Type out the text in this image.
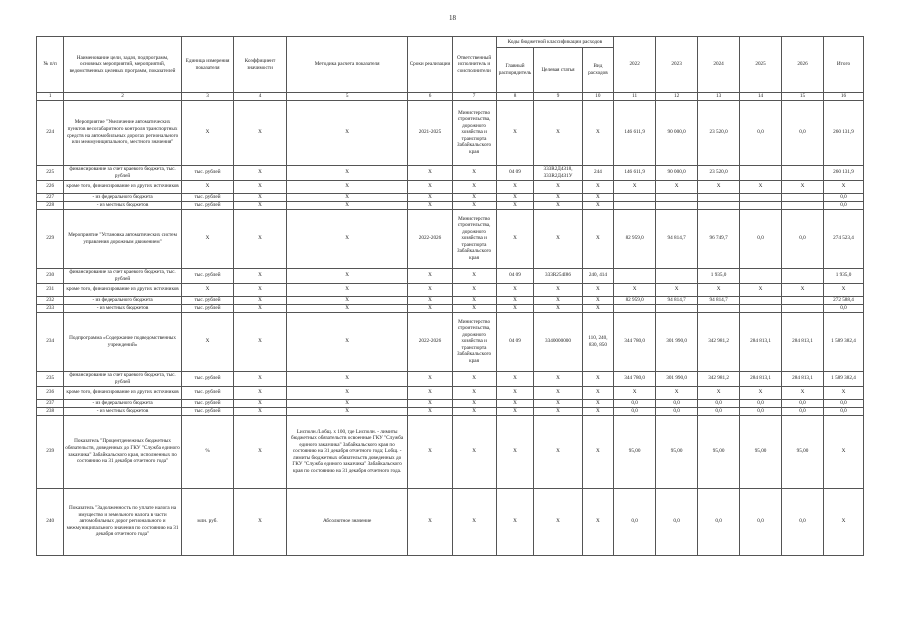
18
№ п/п	Наименование цели, задач, подпрограмм, основных мероприятий, мероприятий, ведомственных целевых программ, показателей	Единица измерения показателя	Коэффициент значимости	Методика расчета показателя	Сроки реализации	Ответственный исполнитель и соисполнители	Коды бюджетной классификации расходов			2022	2023	2024	2025	2026	Итого
							Главный распорядитель	Целевая статья	Вид расходов						
1	2	3	4	5	6	7	8	9	10	11	12	13	14	15	16
224	Мероприятие "Увеличение автоматических пунктов весогабаритного контроля транспортных средств на автомобильных дорогах регионального или межмуниципального, местного значения"	Х	Х	Х	2021-2025	Министерство строительства, дорожного хозяйства и транспорта Забайкальского края	Х	Х	Х	146 611,9	90 000,0	23 520,0	0,0	0,0	260 131,9
225	финансирование за счет краевого бюджета, тыс. рублей	тыс. рублей	Х	Х	Х	Х	04 09	333R2Д4З18, 333R2Д4З1У	244	146 611,9	90 000,0	23 520,0			260 131,9
226	кроме того, финансирование из других источников	Х	Х	Х	Х	Х	Х	Х	Х	Х	Х	Х	Х	Х	Х
227	- из федерального бюджета	тыс. рублей	Х	Х	Х	Х	Х	Х	Х						0,0
228	- из местных бюджетов	тыс. рублей	Х	Х	Х	Х	Х	Х	Х						0,0
229	Мероприятие "Установка автоматических систем управления дорожным движением"	Х	Х	Х	2022-2026	Министерство строительства, дорожного хозяйства и транспорта Забайкальского края	Х	Х	Х	82 959,0	94 814,7	96 749,7	0,0	0,0	274 523,4
230	финансирование за счет краевого бюджета, тыс. рублей	тыс. рублей	Х	Х	Х	Х	04 09	333R254I86	240, 414			1 935,0			1 935,0
231	кроме того, финансирование из других источников	Х	Х	Х	Х	Х	Х	Х	Х	Х	Х	Х	Х	Х	Х
232	- из федерального бюджета	тыс. рублей	Х	Х	Х	Х	Х	Х	Х	82 959,0	94 814,7	94 814,7			272 588,4
233	- из местных бюджетов	тыс. рублей	Х	Х	Х	Х	Х	Х	Х						0,0
234	Подпрограмма «Содержание подведомственных учреждений»	Х	Х	Х	2022-2026	Министерство строительства, дорожного хозяйства и транспорта Забайкальского края	04 09	3340000000	110, 240, 830, 850	344 780,0	301 990,0	342 981,2	284 813,1	284 813,1	1 589 382,4
235	финансирование за счет краевого бюджета, тыс. рублей	тыс. рублей	Х	Х	Х	Х	Х	Х	Х	344 780,0	301 990,0	342 981,2	284 813,1	284 813,1	1 589 382,4
236	кроме того, финансирование из других источников	тыс. рублей	Х	Х	Х	Х	Х	Х	Х	Х	Х	Х	Х	Х	Х
237	- из федерального бюджета	тыс. рублей	Х	Х	Х	Х	Х	Х	Х	0,0	0,0	0,0	0,0	0,0	0,0
238	- из местных бюджетов	тыс. рублей	Х	Х	Х	Х	Х	Х	Х	0,0	0,0	0,0	0,0	0,0	0,0
239	Показатель "Процентденежных бюджетных обязательств, доведенных до ГКУ "Служба единого заказчика" Забайкальского края, исполненных по состоянию на 31 декабря отчетного года"	%	Х	Lисполн./Lобщ. х 100, где Lисполн. - лимиты бюджетных обязательств освоенные ГКУ "Служба единого заказчика" Забайкальского края по состоянию на 31 декабря отчетного года; Lобщ. - лимиты бюджетных обязательств доведенных до ГКУ "Служба единого заказчика" Забайкальского края по состоянию на 31 декабря отчетного года.	Х	Х	Х	Х	Х	95,00	95,00	95,00	95,00	95,00	Х
240	Показатель "Задолженность по уплате налога на имущество и земельного налога в части автомобильных дорог регионального и межмуниципального значения по состоянию на 31 декабря отчетного года"	млн. руб.	Х	Абсолютное значение	Х	Х	Х	Х	Х	0,0	0,0	0,0	0,0	0,0	Х
